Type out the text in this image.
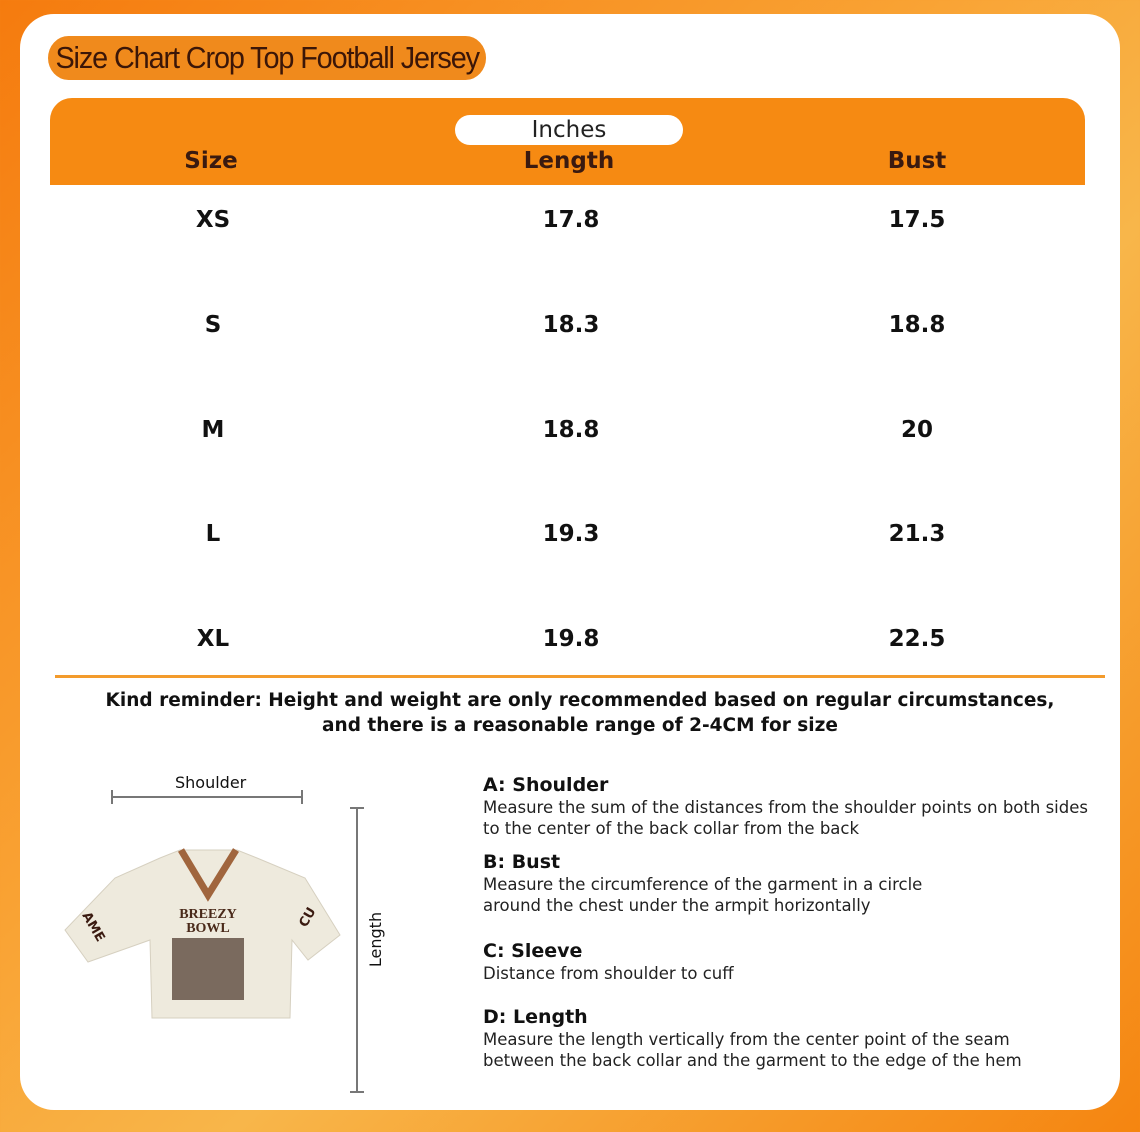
Size Chart Crop Top Football Jersey
Inches
Size	Length	Bust
XS	17.8	17.5
S	18.3	18.8
M	18.8	20
L	19.3	21.3
XL	19.8	22.5
Kind reminder: Height and weight are only recommended based on regular circumstances,
and there is a reasonable range of 2-4CM for size
BREEZY
BOWL
AME	CU
Shoulder
Length
A: Shoulder
Measure the sum of the distances from the shoulder points on both sides to the center of the back collar from the back
B: Bust
Measure the circumference of the garment in a circle around the chest under the armpit horizontally
C: Sleeve
Distance from shoulder to cuff
D: Length
Measure the length vertically from the center point of the seam between the back collar and the garment to the edge of the hem
